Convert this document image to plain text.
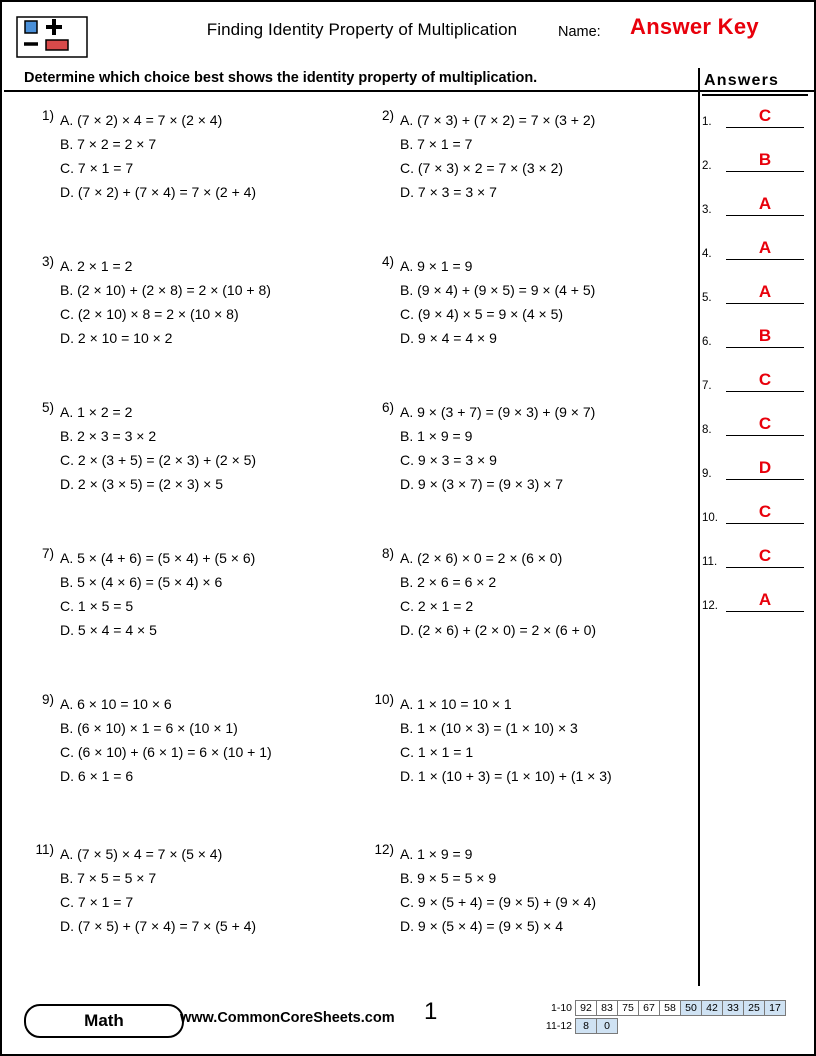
Finding Identity Property of Multiplication	Name: Answer Key
Determine which choice best shows the identity property of multiplication.	Answers
1.	C
2.	B
3.	A
4.	A
5.	A
6.	B
7.	C
8.	C
9.	D
10.	C
11.	C
12.	A
1) A. (7 × 2) × 4 = 7 × (2 × 4)
B. 7 × 2 = 2 × 7
C. 7 × 1 = 7
D. (7 × 2) + (7 × 4) = 7 × (2 + 4)
2) A. (7 × 3) + (7 × 2) = 7 × (3 + 2)
B. 7 × 1 = 7
C. (7 × 3) × 2 = 7 × (3 × 2)
D. 7 × 3 = 3 × 7
3) A. 2 × 1 = 2
B. (2 × 10) + (2 × 8) = 2 × (10 + 8)
C. (2 × 10) × 8 = 2 × (10 × 8)
D. 2 × 10 = 10 × 2
4) A. 9 × 1 = 9
B. (9 × 4) + (9 × 5) = 9 × (4 + 5)
C. (9 × 4) × 5 = 9 × (4 × 5)
D. 9 × 4 = 4 × 9
5) A. 1 × 2 = 2
B. 2 × 3 = 3 × 2
C. 2 × (3 + 5) = (2 × 3) + (2 × 5)
D. 2 × (3 × 5) = (2 × 3) × 5
6) A. 9 × (3 + 7) = (9 × 3) + (9 × 7)
B. 1 × 9 = 9
C. 9 × 3 = 3 × 9
D. 9 × (3 × 7) = (9 × 3) × 7
7) A. 5 × (4 + 6) = (5 × 4) + (5 × 6)
B. 5 × (4 × 6) = (5 × 4) × 6
C. 1 × 5 = 5
D. 5 × 4 = 4 × 5
8) A. (2 × 6) × 0 = 2 × (6 × 0)
B. 2 × 6 = 6 × 2
C. 2 × 1 = 2
D. (2 × 6) + (2 × 0) = 2 × (6 + 0)
9) A. 6 × 10 = 10 × 6
B. (6 × 10) × 1 = 6 × (10 × 1)
C. (6 × 10) + (6 × 1) = 6 × (10 + 1)
D. 6 × 1 = 6
10) A. 1 × 10 = 10 × 1
B. 1 × (10 × 3) = (1 × 10) × 3
C. 1 × 1 = 1
D. 1 × (10 + 3) = (1 × 10) + (1 × 3)
11) A. (7 × 5) × 4 = 7 × (5 × 4)
B. 7 × 5 = 5 × 7
C. 7 × 1 = 7
D. (7 × 5) + (7 × 4) = 7 × (5 + 4)
12) A. 1 × 9 = 9
B. 9 × 5 = 5 × 9
C. 9 × (5 + 4) = (9 × 5) + (9 × 4)
D. 9 × (5 × 4) = (9 × 5) × 4
Math	www.CommonCoreSheets.com 1	1-10 92 83 75 67 58 50 42 33 25 17
11-12	8	0
